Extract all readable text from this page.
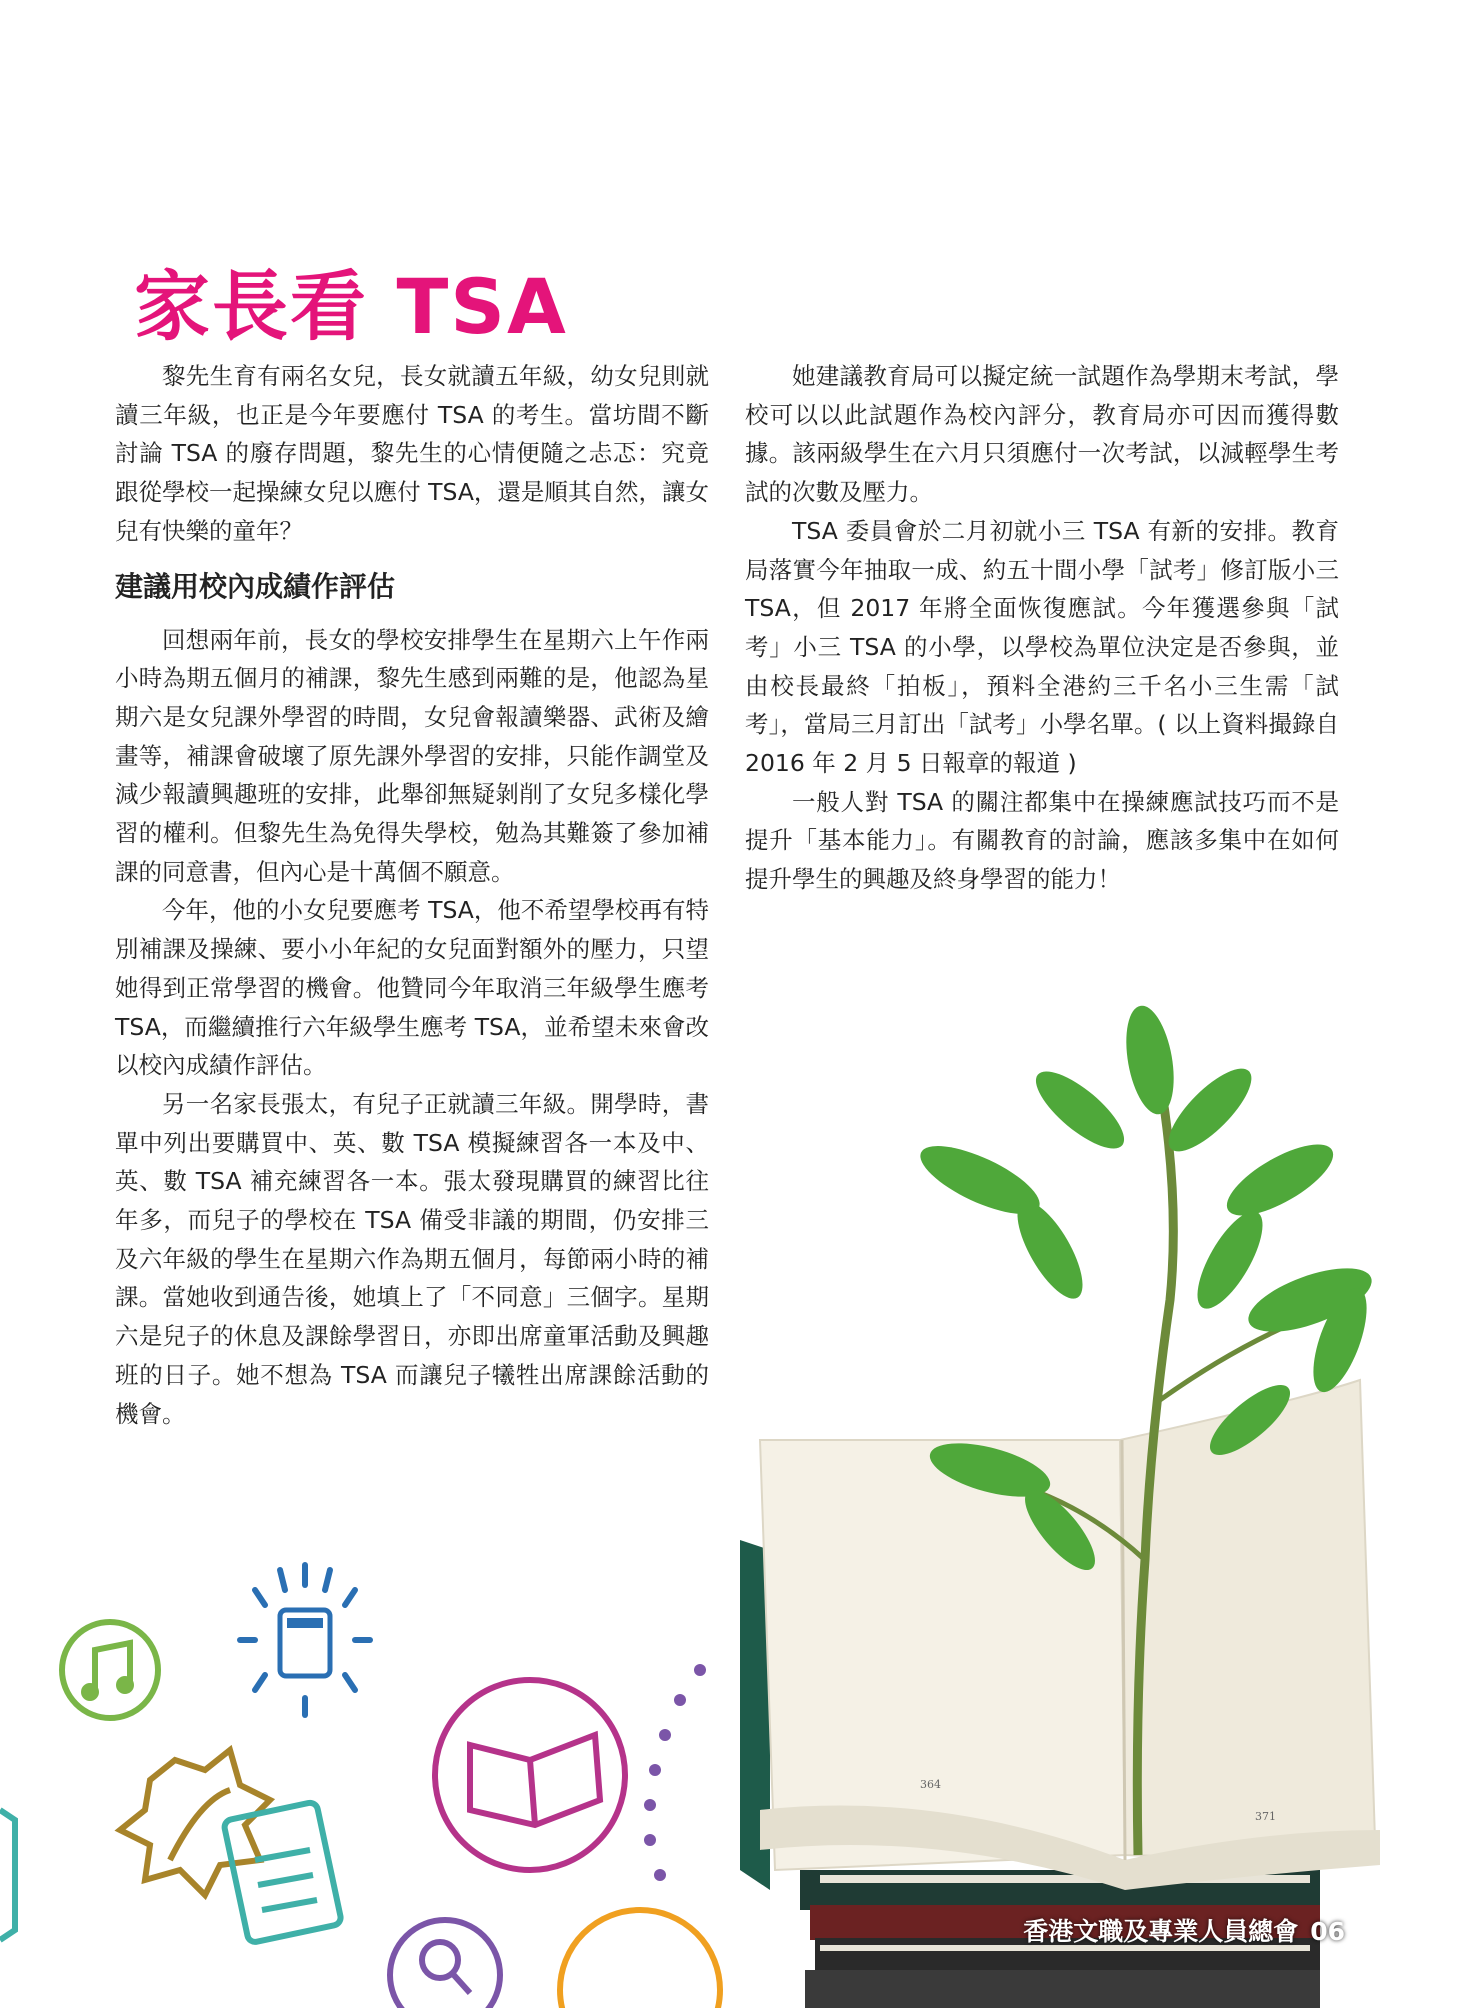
家長看 TSA

黎先生育有兩名女兒，長女就讀五年級，幼女兒則就讀三年級，也正是今年要應付 TSA 的考生。當坊間不斷討論 TSA 的廢存問題，黎先生的心情便隨之忐忑：究竟跟從學校一起操練女兒以應付 TSA，還是順其自然，讓女兒有快樂的童年？

建議用校內成績作評估

回想兩年前，長女的學校安排學生在星期六上午作兩小時為期五個月的補課，黎先生感到兩難的是，他認為星期六是女兒課外學習的時間，女兒會報讀樂器、武術及繪畫等，補課會破壞了原先課外學習的安排，只能作調堂及減少報讀興趣班的安排，此舉卻無疑剝削了女兒多樣化學習的權利。但黎先生為免得失學校，勉為其難簽了參加補課的同意書，但內心是十萬個不願意。

今年，他的小女兒要應考 TSA，他不希望學校再有特別補課及操練、要小小年紀的女兒面對額外的壓力，只望她得到正常學習的機會。他贊同今年取消三年級學生應考 TSA，而繼續推行六年級學生應考 TSA，並希望未來會改以校內成績作評估。

另一名家長張太，有兒子正就讀三年級。開學時，書單中列出要購買中、英、數 TSA 模擬練習各一本及中、英、數 TSA 補充練習各一本。張太發現購買的練習比往年多，而兒子的學校在 TSA 備受非議的期間，仍安排三及六年級的學生在星期六作為期五個月，每節兩小時的補課。當她收到通告後，她填上了「不同意」三個字。星期六是兒子的休息及課餘學習日，亦即出席童軍活動及興趣班的日子。她不想為 TSA 而讓兒子犧牲出席課餘活動的機會。

她建議教育局可以擬定統一試題作為學期末考試，學校可以以此試題作為校內評分，教育局亦可因而獲得數據。該兩級學生在六月只須應付一次考試，以減輕學生考試的次數及壓力。

TSA 委員會於二月初就小三 TSA 有新的安排。教育局落實今年抽取一成、約五十間小學「試考」修訂版小三 TSA，但 2017 年將全面恢復應試。今年獲選參與「試考」小三 TSA 的小學，以學校為單位決定是否參與，並由校長最終「拍板」，預料全港約三千名小三生需「試考」，當局三月訂出「試考」小學名單。( 以上資料撮錄自 2016 年 2 月 5 日報章的報道 )

一般人對 TSA 的關注都集中在操練應試技巧而不是提升「基本能力」。有關教育的討論，應該多集中在如何提升學生的興趣及終身學習的能力！

364
371
香港文職及專業人員總會 06
